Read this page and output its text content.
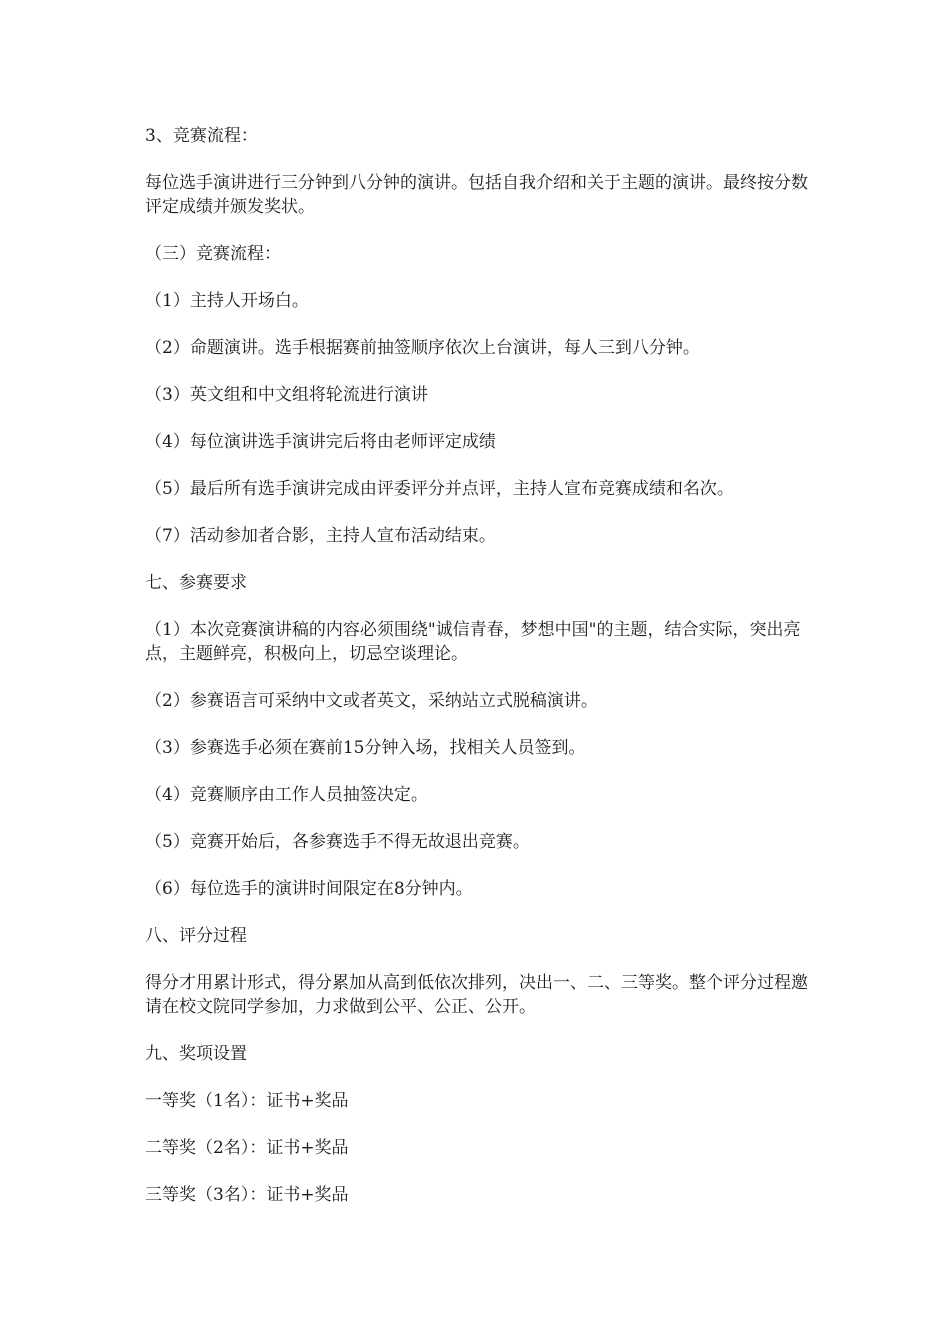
3、竞赛流程：

每位选手演讲进行三分钟到八分钟的演讲。包括自我介绍和关于主题的演讲。最终按分数评定成绩并颁发奖状。

（三）竞赛流程：

（1）主持人开场白。

（2）命题演讲。选手根据赛前抽签顺序依次上台演讲，每人三到八分钟。

（3）英文组和中文组将轮流进行演讲

（4）每位演讲选手演讲完后将由老师评定成绩

（5）最后所有选手演讲完成由评委评分并点评，主持人宣布竞赛成绩和名次。

（7）活动参加者合影，主持人宣布活动结束。

七、参赛要求

（1）本次竞赛演讲稿的内容必须围绕"诚信青春，梦想中国"的主题，结合实际，突出亮点，主题鲜亮，积极向上，切忌空谈理论。

（2）参赛语言可采纳中文或者英文，采纳站立式脱稿演讲。

（3）参赛选手必须在赛前15分钟入场，找相关人员签到。

（4）竞赛顺序由工作人员抽签决定。

（5）竞赛开始后，各参赛选手不得无故退出竞赛。

（6）每位选手的演讲时间限定在8分钟内。

八、评分过程

得分才用累计形式，得分累加从高到低依次排列，决出一、二、三等奖。整个评分过程邀请在校文院同学参加，力求做到公平、公正、公开。

九、奖项设置

一等奖（1名）：证书+奖品

二等奖（2名）：证书+奖品

三等奖（3名）：证书+奖品
